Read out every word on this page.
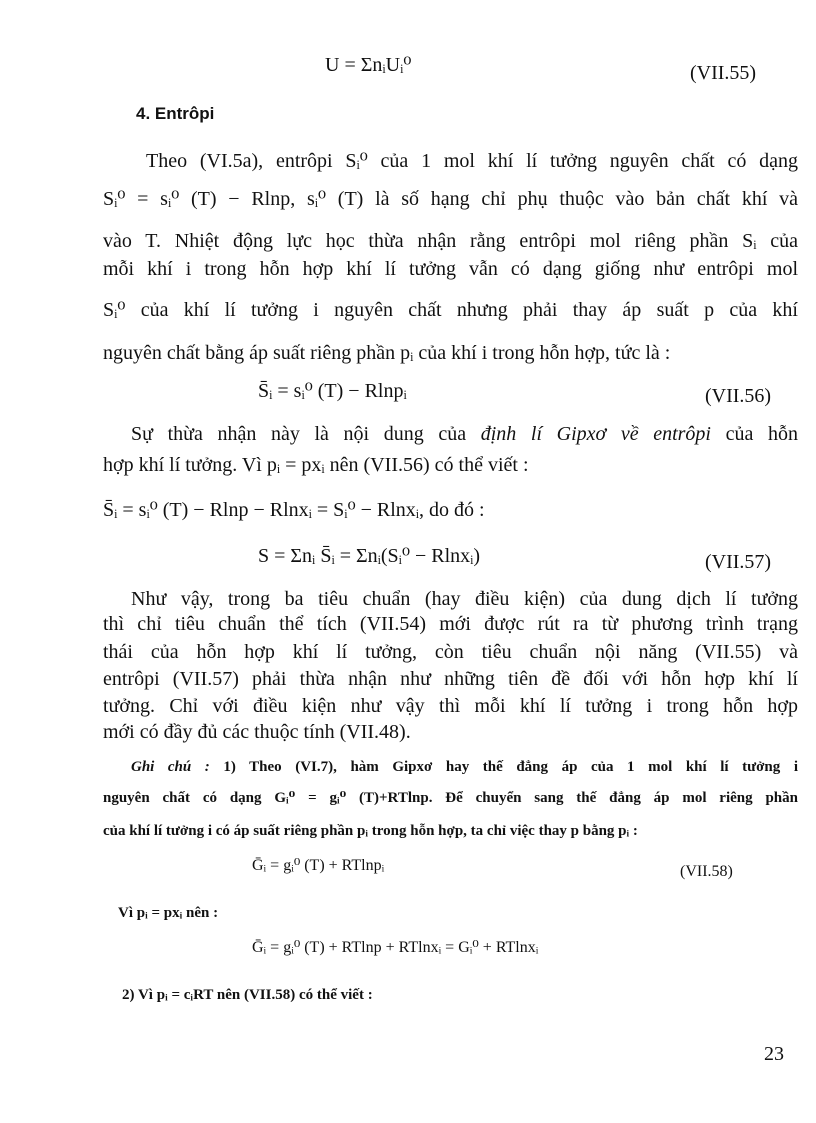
U = ΣnᵢUᵢ⁰	(VII.55)
4. Entrôpi
Theo (VI.5a), entrôpi Sᵢ⁰ của 1 mol khí lí tưởng nguyên chất có dạng
Sᵢ⁰ = sᵢ⁰ (T) − Rlnp, sᵢ⁰ (T) là số hạng chỉ phụ thuộc vào bản chất khí và
vào T. Nhiệt động lực học thừa nhận rằng entrôpi mol riêng phần Sᵢ của
mỗi khí i trong hỗn hợp khí lí tưởng vẫn có dạng giống như entrôpi mol
Sᵢ⁰ của khí lí tưởng i nguyên chất nhưng phải thay áp suất p của khí
nguyên chất bằng áp suất riêng phần pᵢ của khí i trong hỗn hợp, tức là :
S̄ᵢ = sᵢ⁰ (T) − Rlnpᵢ	(VII.56)
Sự thừa nhận này là nội dung của định lí Gipxơ về entrôpi của hỗn
hợp khí lí tưởng. Vì pᵢ = pxᵢ nên (VII.56) có thể viết :
S̄ᵢ = sᵢ⁰ (T) − Rlnp − Rlnxᵢ = Sᵢ⁰ − Rlnxᵢ, do đó :
S = Σnᵢ S̄ᵢ = Σnᵢ(Sᵢ⁰ − Rlnxᵢ)	(VII.57)
Như vậy, trong ba tiêu chuẩn (hay điều kiện) của dung dịch lí tưởng
thì chỉ tiêu chuẩn thể tích (VII.54) mới được rút ra từ phương trình trạng
thái của hỗn hợp khí lí tưởng, còn tiêu chuẩn nội năng (VII.55) và
entrôpi (VII.57) phải thừa nhận như những tiên đề đối với hỗn hợp khí lí
tưởng. Chỉ với điều kiện như vậy thì mỗi khí lí tưởng i trong hỗn hợp
mới có đầy đủ các thuộc tính (VII.48).
Ghi chú : 1) Theo (VI.7), hàm Gipxơ hay thế đẳng áp của 1 mol khí lí tưởng i
nguyên chất có dạng Gᵢ⁰ = gᵢ⁰ (T)+RTlnp. Để chuyển sang thế đẳng áp mol riêng phần
của khí lí tưởng i có áp suất riêng phần pᵢ trong hỗn hợp, ta chỉ việc thay p bằng pᵢ :
Ḡᵢ = gᵢ⁰ (T) + RTlnpᵢ	(VII.58)
Vì pᵢ = pxᵢ nên :
Ḡᵢ = gᵢ⁰ (T) + RTlnp + RTlnxᵢ = Gᵢ⁰ + RTlnxᵢ
2) Vì pᵢ = cᵢRT nên (VII.58) có thể viết :
23
